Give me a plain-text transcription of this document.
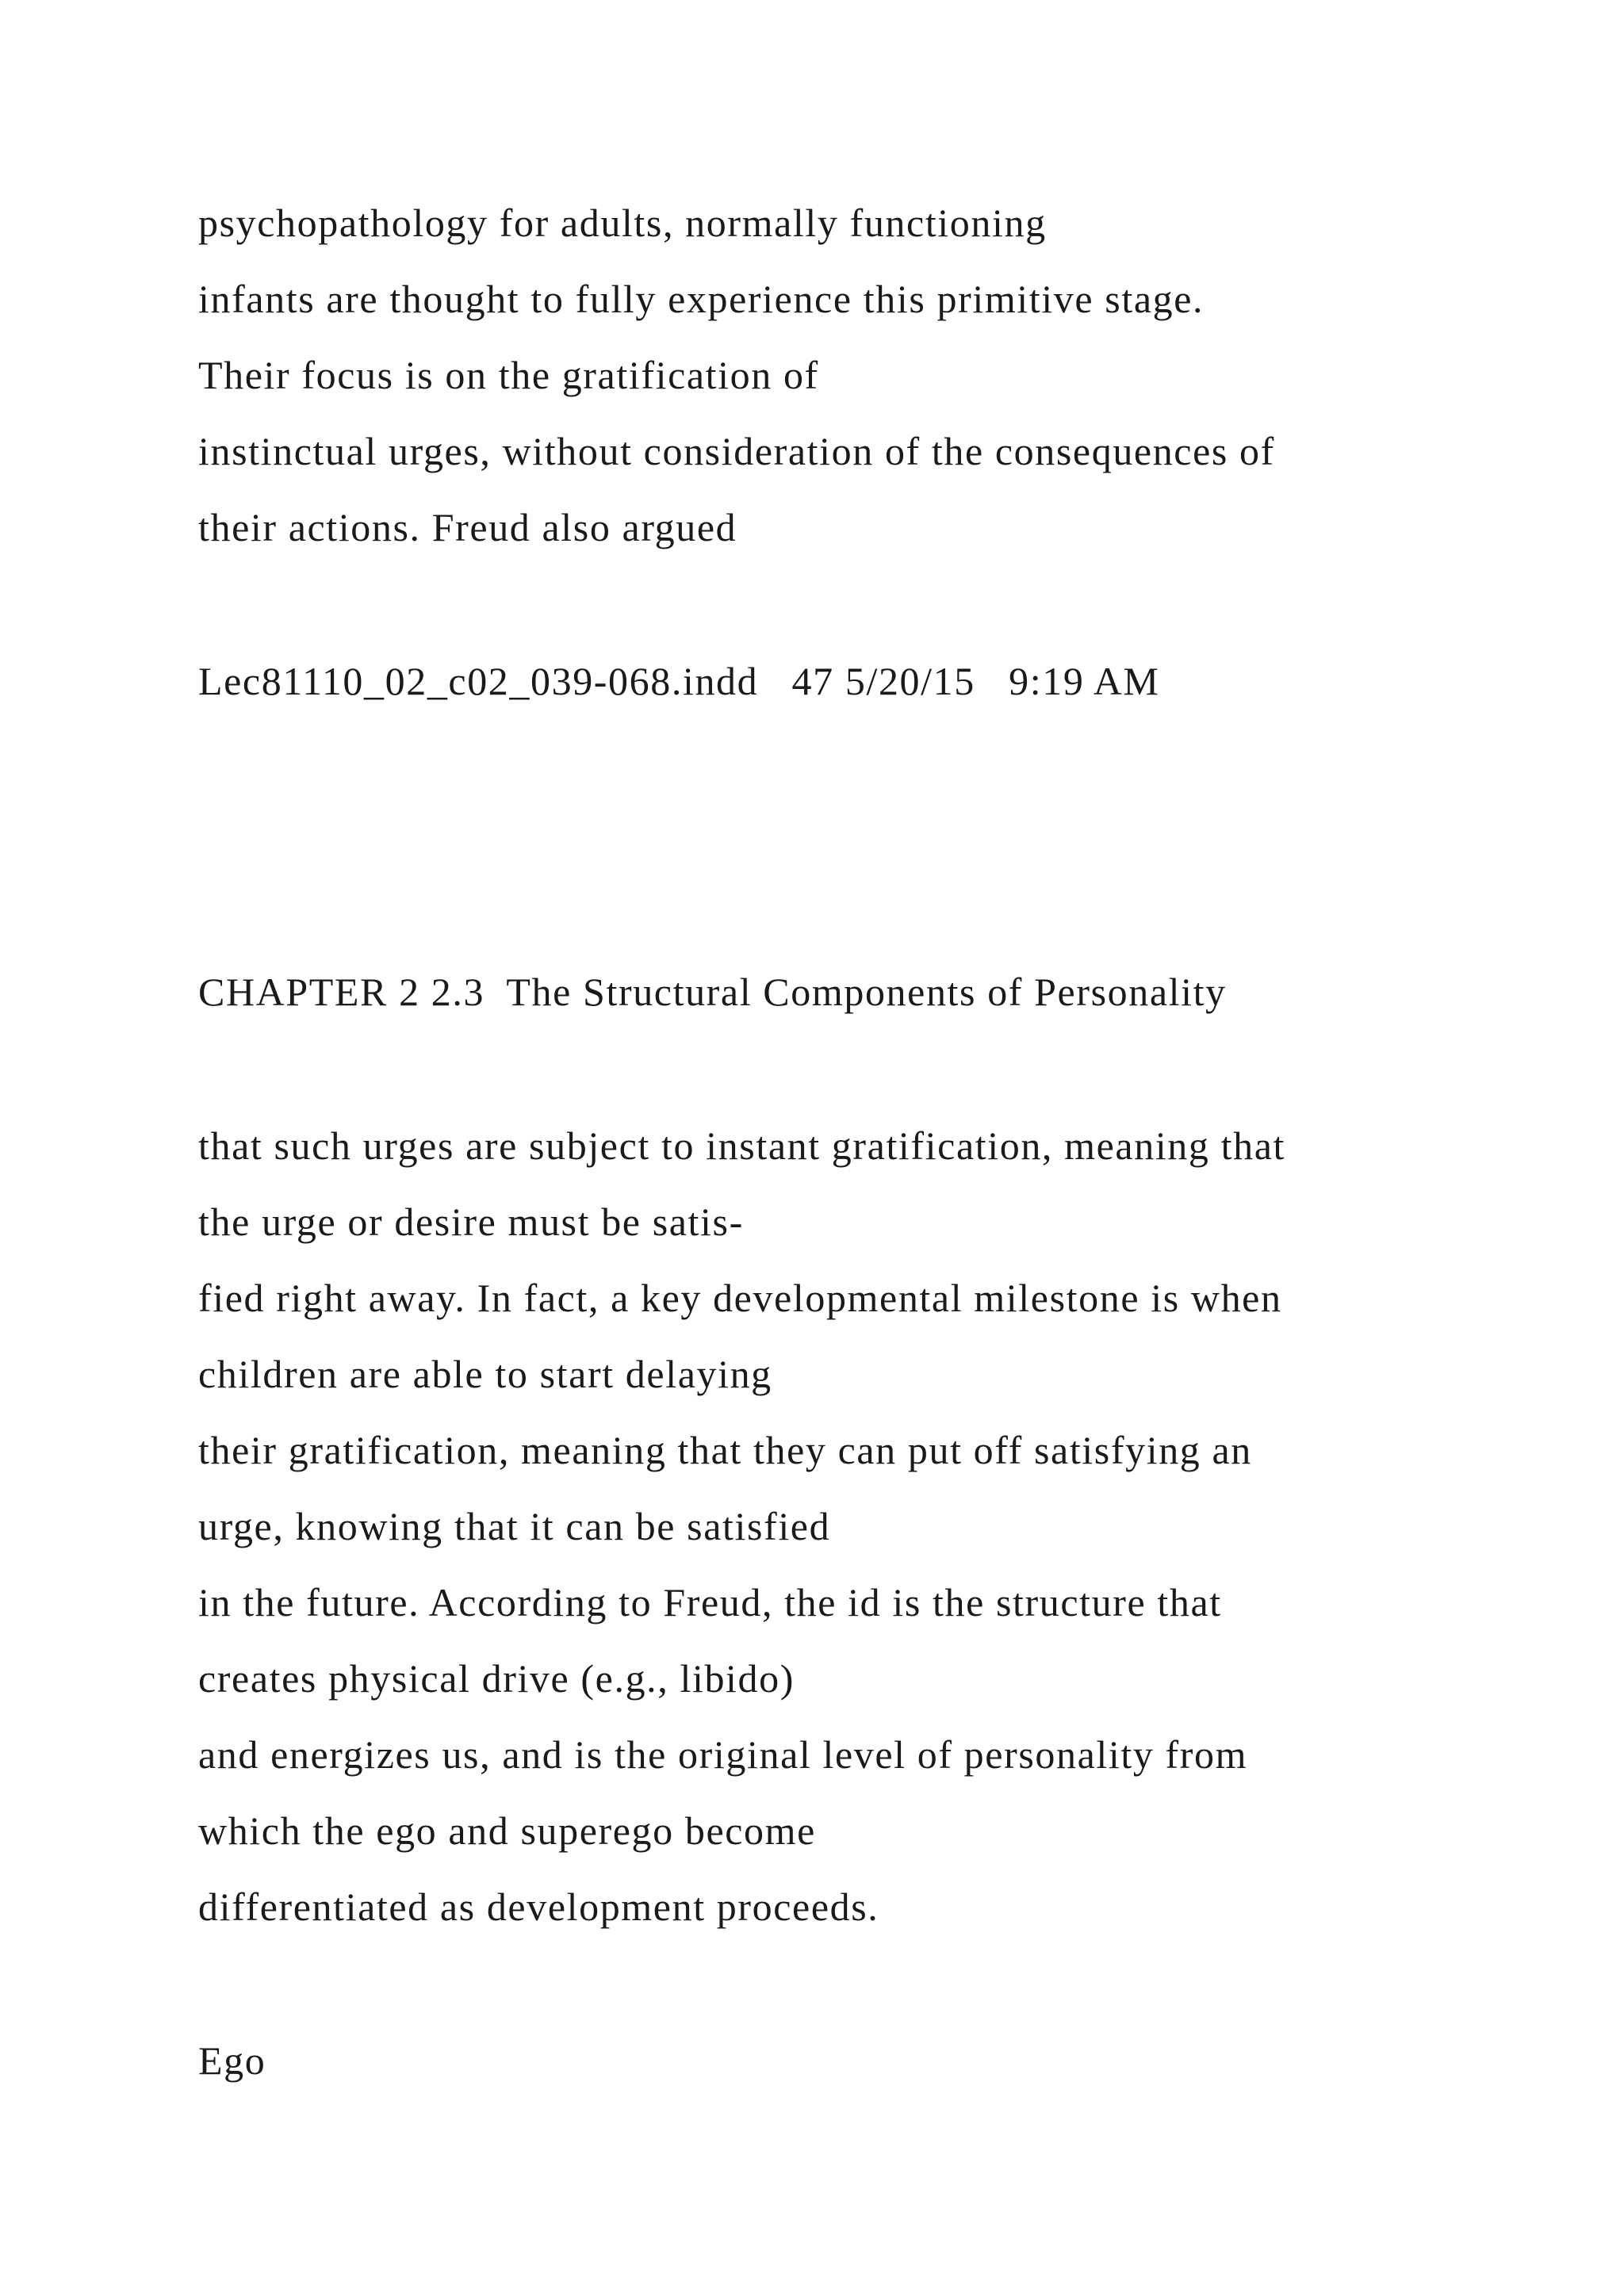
psychopathology for adults, normally functioning
infants are thought to fully experience this primitive stage.
Their focus is on the gratification of
instinctual urges, without consideration of the consequences of
their actions. Freud also argued
Lec81110_02_c02_039-068.indd   47 5/20/15   9:19 AM
CHAPTER 2 2.3  The Structural Components of Personality
that such urges are subject to instant gratification, meaning that
the urge or desire must be satis-
fied right away. In fact, a key developmental milestone is when
children are able to start delaying
their gratification, meaning that they can put off satisfying an
urge, knowing that it can be satisfied
in the future. According to Freud, the id is the structure that
creates physical drive (e.g., libido)
and energizes us, and is the original level of personality from
which the ego and superego become
differentiated as development proceeds.
Ego
